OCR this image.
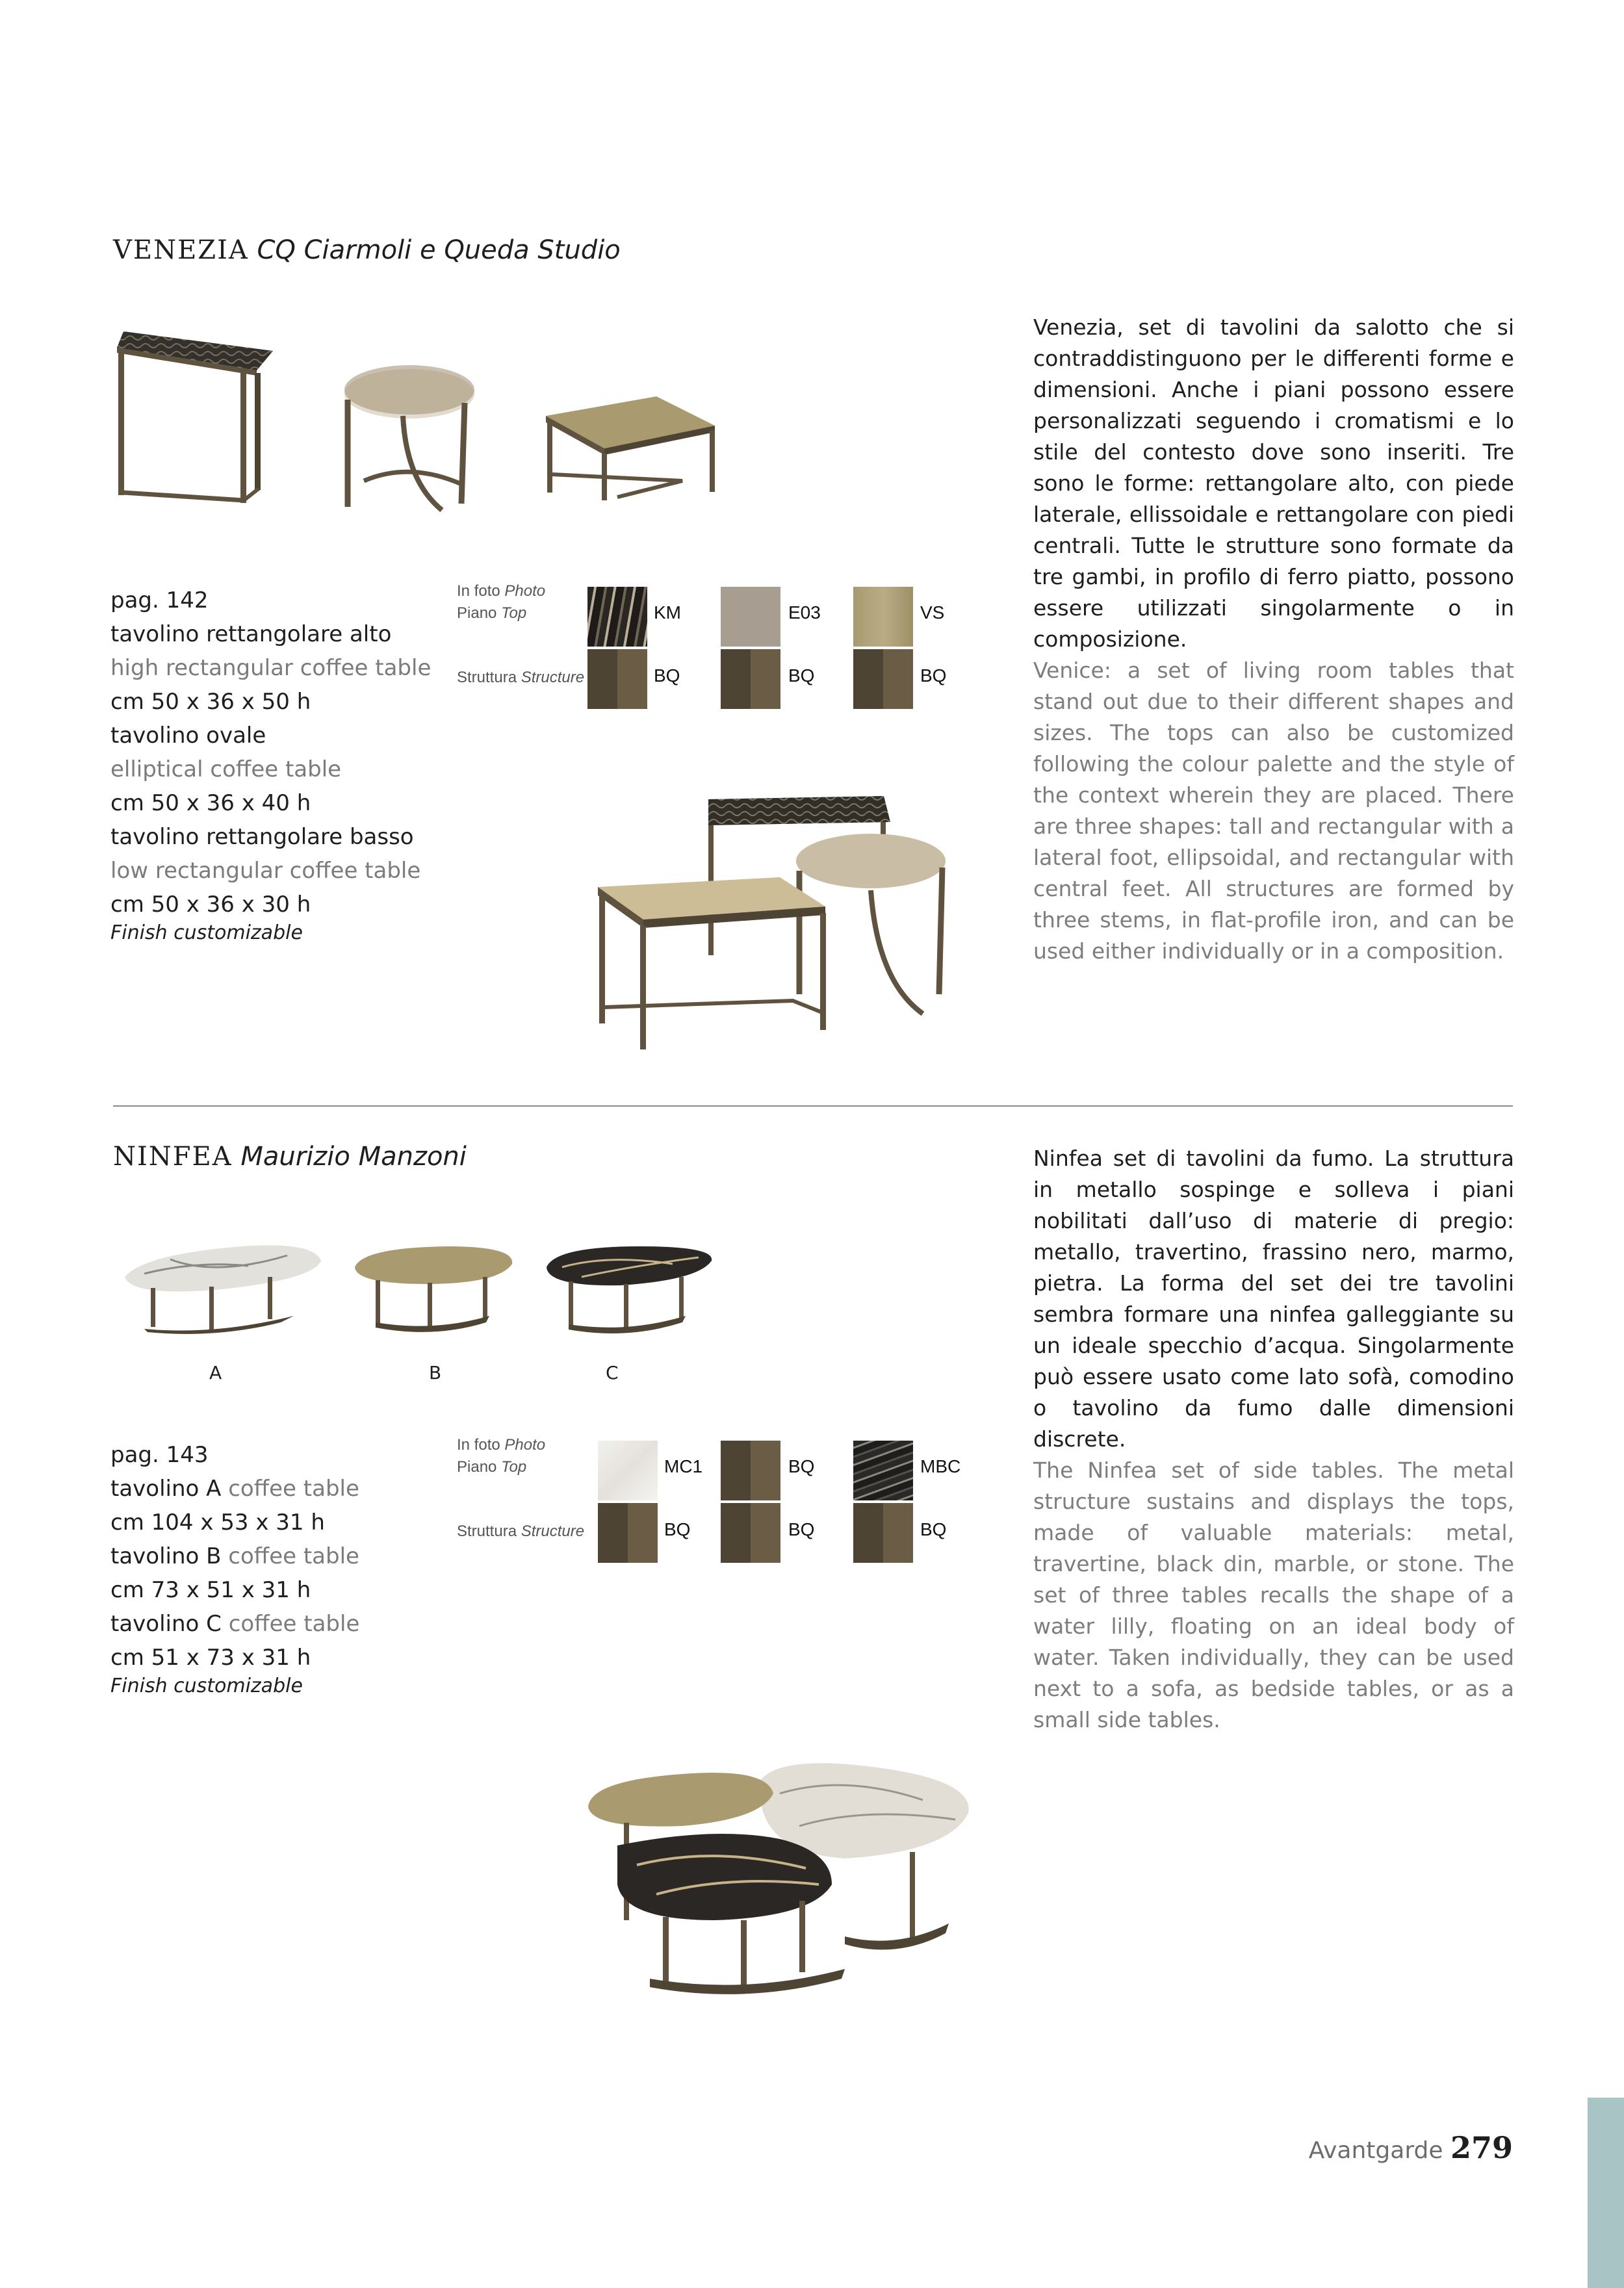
VENEZIA CQ Ciarmoli e Queda Studio
pag. 142
tavolino rettangolare alto
high rectangular coffee table
cm 50 x 36 x 50 h
tavolino ovale
elliptical coffee table
cm 50 x 36 x 40 h
tavolino rettangolare basso
low rectangular coffee table
cm 50 x 36 x 30 h
Finish customizable
In foto Photo
Piano Top
Struttura Structure
KM	E03	VS
BQ	BQ	BQ
Venezia, set di tavolini da salotto che si contraddistinguono per le differenti forme e dimensioni. Anche i piani possono essere personalizzati seguendo i cromatismi e lo stile del contesto dove sono inseriti. Tre sono le forme: rettangolare alto, con piede laterale, ellissoidale e rettangolare con piedi centrali. Tutte le strutture sono formate da tre gambi, in profilo di ferro piatto, possono essere utilizzati singolarmente o in composizione.
Venice: a set of living room tables that stand out due to their different shapes and sizes. The tops can also be customized following the colour palette and the style of the context wherein they are placed. There are three shapes: tall and rectangular with a lateral foot, ellipsoidal, and rectangular with central feet. All structures are formed by three stems, in flat-profile iron, and can be used either individually or in a composition.
NINFEA Maurizio Manzoni
A	B	C
pag. 143
tavolino A coffee table
cm 104 x 53 x 31 h
tavolino B coffee table
cm 73 x 51 x 31 h
tavolino C coffee table
cm 51 x 73 x 31 h
Finish customizable
In foto Photo
Piano Top
Struttura Structure
MC1	BQ	MBC
BQ	BQ	BQ
Ninfea set di tavolini da fumo. La struttura in metallo sospinge e solleva i piani nobilitati dall’uso di materie di pregio: metallo, travertino, frassino nero, marmo, pietra. La forma del set dei tre tavolini sembra formare una ninfea galleggiante su un ideale specchio d’acqua. Singolarmente può essere usato come lato sofà, comodino o tavolino da fumo dalle dimensioni discrete.
The Ninfea set of side tables. The metal structure sustains and displays the tops, made of valuable materials: metal, travertine, black din, marble, or stone. The set of three tables recalls the shape of a water lilly, floating on an ideal body of water. Taken individually, they can be used next to a sofa, as bedside tables, or as a small side tables.
Avantgarde 279
